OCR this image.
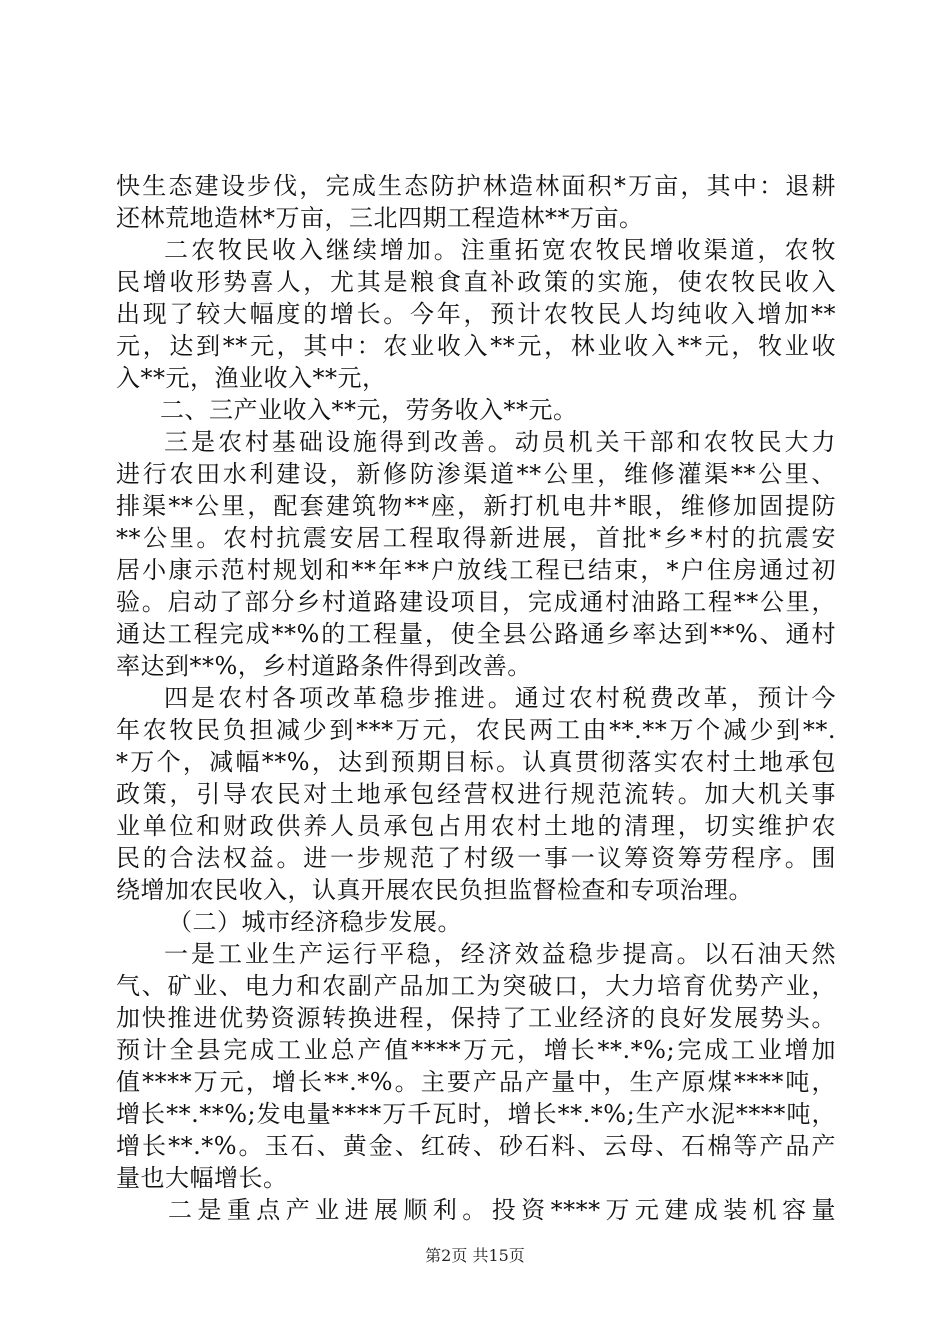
快生态建设步伐，完成生态防护林造林面积*万亩，其中：退耕
还林荒地造林*万亩，三北四期工程造林**万亩。
二农牧民收入继续增加。注重拓宽农牧民增收渠道，农牧
民增收形势喜人，尤其是粮食直补政策的实施，使农牧民收入
出现了较大幅度的增长。今年，预计农牧民人均纯收入增加**
元，达到**元，其中：农业收入**元，林业收入**元，牧业收
入**元，渔业收入**元，
二、三产业收入**元，劳务收入**元。
三是农村基础设施得到改善。动员机关干部和农牧民大力
进行农田水利建设，新修防渗渠道**公里，维修灌渠**公里、
排渠**公里，配套建筑物**座，新打机电井*眼，维修加固提防
**公里。农村抗震安居工程取得新进展，首批*乡*村的抗震安
居小康示范村规划和**年**户放线工程已结束，*户住房通过初
验。启动了部分乡村道路建设项目，完成通村油路工程**公里，
通达工程完成**%的工程量，使全县公路通乡率达到**%、通村
率达到**%，乡村道路条件得到改善。
四是农村各项改革稳步推进。通过农村税费改革，预计今
年农牧民负担减少到***万元，农民两工由**.**万个减少到**.
*万个，减幅**%，达到预期目标。认真贯彻落实农村土地承包
政策，引导农民对土地承包经营权进行规范流转。加大机关事
业单位和财政供养人员承包占用农村土地的清理，切实维护农
民的合法权益。进一步规范了村级一事一议筹资筹劳程序。围
绕增加农民收入，认真开展农民负担监督检查和专项治理。
（二）城市经济稳步发展。
一是工业生产运行平稳，经济效益稳步提高。以石油天然
气、矿业、电力和农副产品加工为突破口，大力培育优势产业，
加快推进优势资源转换进程，保持了工业经济的良好发展势头。
预计全县完成工业总产值****万元，增长**.*%;完成工业增加
值****万元，增长**.*%。主要产品产量中，生产原煤****吨，
增长**.**%;发电量****万千瓦时，增长**.*%;生产水泥****吨，
增长**.*%。玉石、黄金、红砖、砂石料、云母、石棉等产品产
量也大幅增长。
二是重点产业进展顺利。投资****万元建成装机容量
第2页 共15页
